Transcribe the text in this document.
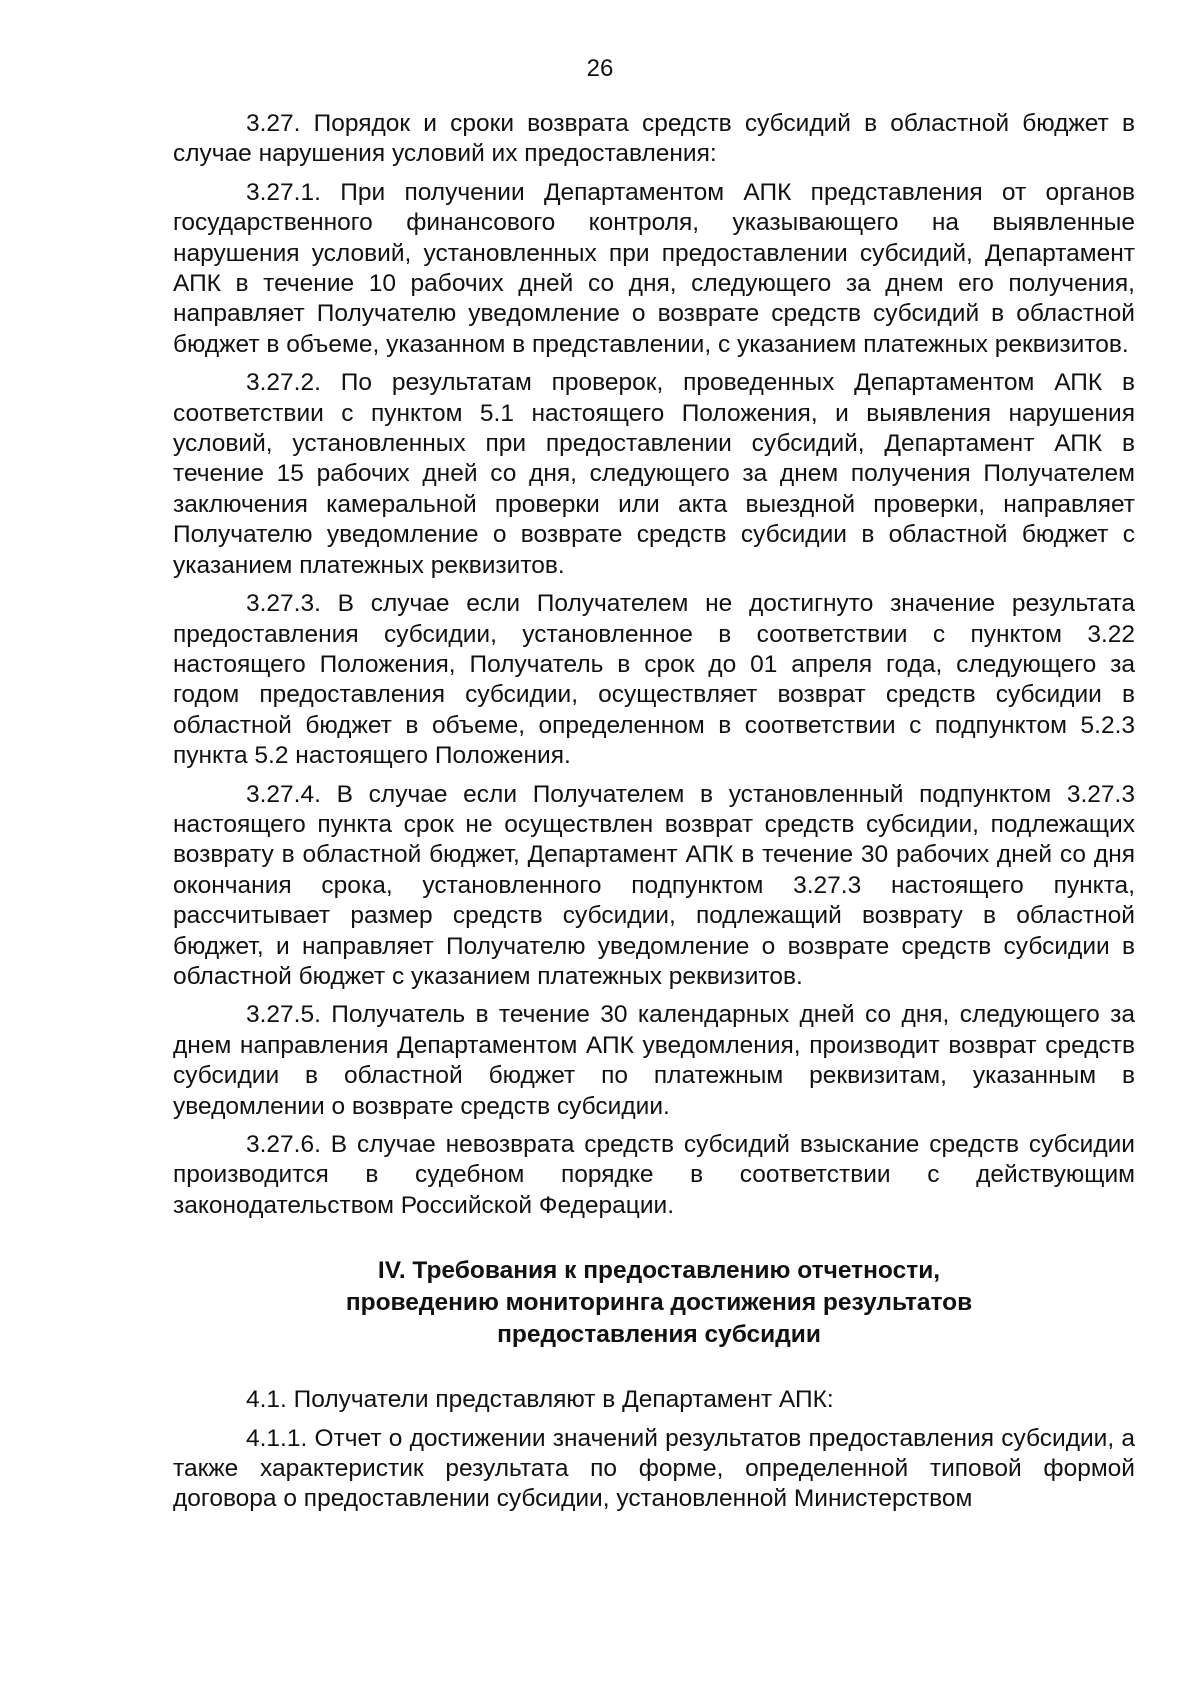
26

3.27. Порядок и сроки возврата средств субсидий в областной бюджет в случае нарушения условий их предоставления:

3.27.1. При получении Департаментом АПК представления от органов государственного финансового контроля, указывающего на выявленные нарушения условий, установленных при предоставлении субсидий, Департамент АПК в течение 10 рабочих дней со дня, следующего за днем его получения, направляет Получателю уведомление о возврате средств субсидий в областной бюджет в объеме, указанном в представлении, с указанием платежных реквизитов.

3.27.2. По результатам проверок, проведенных Департаментом АПК в соответствии с пунктом 5.1 настоящего Положения, и выявления нарушения условий, установленных при предоставлении субсидий, Департамент АПК в течение 15 рабочих дней со дня, следующего за днем получения Получателем заключения камеральной проверки или акта выездной проверки, направляет Получателю уведомление о возврате средств субсидии в областной бюджет с указанием платежных реквизитов.

3.27.3. В случае если Получателем не достигнуто значение результата предоставления субсидии, установленное в соответствии с пунктом 3.22 настоящего Положения, Получатель в срок до 01 апреля года, следующего за годом предоставления субсидии, осуществляет возврат средств субсидии в областной бюджет в объеме, определенном в соответствии с подпунктом 5.2.3 пункта 5.2 настоящего Положения.

3.27.4. В случае если Получателем в установленный подпунктом 3.27.3 настоящего пункта срок не осуществлен возврат средств субсидии, подлежащих возврату в областной бюджет, Департамент АПК в течение 30 рабочих дней со дня окончания срока, установленного подпунктом 3.27.3 настоящего пункта, рассчитывает размер средств субсидии, подлежащий возврату в областной бюджет, и направляет Получателю уведомление о возврате средств субсидии в областной бюджет с указанием платежных реквизитов.

3.27.5. Получатель в течение 30 календарных дней со дня, следующего за днем направления Департаментом АПК уведомления, производит возврат средств субсидии в областной бюджет по платежным реквизитам, указанным в уведомлении о возврате средств субсидии.

3.27.6. В случае невозврата средств субсидий взыскание средств субсидии производится в судебном порядке в соответствии с действующим законодательством Российской Федерации.

IV. Требования к предоставлению отчетности,
проведению мониторинга достижения результатов
предоставления субсидии

4.1. Получатели представляют в Департамент АПК:

4.1.1. Отчет о достижении значений результатов предоставления субсидии, а также характеристик результата по форме, определенной типовой формой договора о предоставлении субсидии, установленной Министерством
